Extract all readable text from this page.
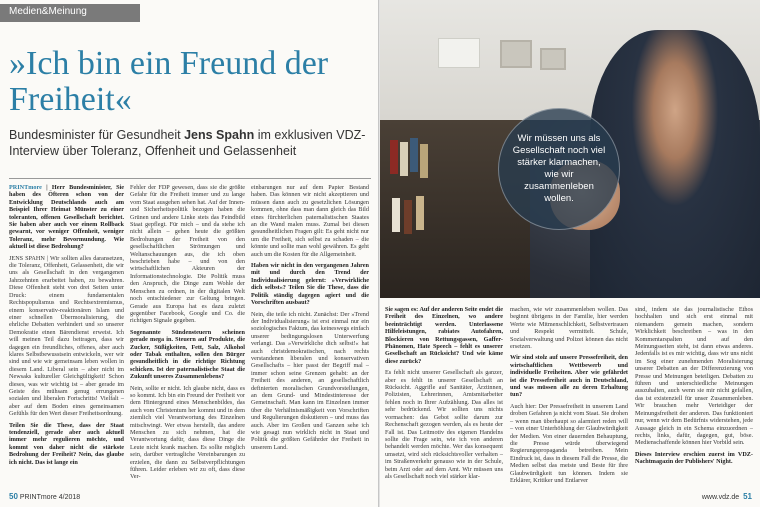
Medien&Meinung
»Ich bin ein Freund der Freiheit«

Bundesminister für Gesundheit Jens Spahn im exklusiven VDZ-Interview über Toleranz, Offenheit und Gelassenheit

PRINTmore | Herr Bundesminister, Sie haben des Öfteren schon von der Entwicklung Deutschlands auch am Beispiel Ihrer Heimat Münster zu einer toleranten, offenen Gesellschaft berichtet. Sie haben aber auch vor einem Rollback gewarnt, vor weniger Offenheit, weniger Toleranz, mehr Bevormundung. Wie aktuell ist diese Bedrohung?

JENS SPAHN | Wir sollten alles daransetzen, die Toleranz, Offenheit, Gelassenheit, die wir uns als Gesellschaft in den vergangenen Jahrzehnten erarbeitet haben, zu bewahren. Diese Offenheit steht von drei Seiten unter Druck: einem fundamentalen Rechtspopulismus und Rechtsextremismus, einem konservativ-reaktionären Islam und einer schnellen Übermoralisierung, die ehrliche Debatten verhindert und so unserer Demokratie einen Bärendienst erweist. Ich will meinen Teil dazu beitragen, dass wir dagegen ein freundliches, offenes, aber auch klares Selbstbewusstsein entwickeln, wer wir sind und wie wir gemeinsam leben wollen in diesem Land. Liberal sein – aber nicht im Newsaks kultureller Gleichgültigkeit! Schon dieses, was wir wichtig ist – aber gerade im Geiste des mühsam genug errungenen sozialen und liberalen Fortschritts! Vielfalt – aber auf dem Boden eines gemeinsamen Gefühls für den Wert dieser Freiheitsordnung.

Teilen Sie die These, dass der Staat tendenziell, gerade aber auch aktuell immer mehr regulieren möchte, und kommt von daher nicht die stärkste Bedrohung der Freiheit? Nein, das glaube ich nicht. Das ist lange ein

Fehler der FDP gewesen, dass sie die größte Gefahr für die Freiheit immer und zu lange vom Staat ausgehen sehen hat. Auf der Innen- und Sicherheitspolitik bezogen haben die Grünen und andere Linke stets das Feindbild Staat gepflegt. Für mich – und da stehe ich nicht allein – gehen heute die größten Bedrohungen der Freiheit von den gesellschaftlichen Strömungen und Weltanschauungen aus, die ich oben beschrieben habe – und von den wirtschaftlichen Akteuren der Informationstechnologie. Die Politik muss den Anspruch, die Dinge zum Wohle der Menschen zu ordnen, in der digitalen Welt noch entschiedener zur Geltung bringen. Gerade aus Europa hat es dazu zuletzt gegenüber Facebook, Google und Co. die richtigen Signale gegeben.

Sogenannte Sündensteuern scheinen gerade mega in. Steuern auf Produkte, die Zucker, Süßigkeiten, Fett, Salz, Alkohol oder Tabak enthalten, sollen den Bürger gesundheitlich in die richtige Richtung schicken. Ist der paternalistische Staat die Zukunft unseres Zusammenlebens?

Nein, sollte er nicht. Ich glaube nicht, dass es so kommt. Ich bin ein Freund der Freiheit vor dem Hintergrund eines Menschenbildes, das auch vom Christentum her kommt und in dem ziemlich viel Verantwortung des Einzelnen mitschwingt. Wer etwas herstellt, das andere Menschen zu sich nehmen, hat die Verantwortung dafür, dass diese Dinge die Leute nicht krank machen. Es sollte möglich sein, darüber vertragliche Vereinbarungen zu erzielen, die dann zu Selbstverpflichtungen führen. Leider erleben wir zu oft, dass diese Ver-

einbarungen nur auf dem Papier Bestand haben. Das können wir nicht akzeptieren und müssen dann auch zu gesetzlichen Lösungen kommen, ohne dass man dann gleich das Bild eines fürchterlichen paternalistischen Staates an die Wand malen muss. Zumal bei diesen gesundheitlichen Fragen gilt: Es geht nicht nur um die Freiheit, sich selbst zu schaden – die könnte und sollte man wohl gewähren. Es geht auch um die Kosten für die Allgemeinheit.

Haben wir nicht in den vergangenen Jahren mit und durch den Trend der Individualisierung gelernt: »Verwirkliche dich selbst«? Teilen Sie die These, dass die Politik ständig dagegen agiert und die Vorschriften ausbaut?

Nein, die teile ich nicht. Zunächst: Der »Trend der Individualisierung« ist erst einmal nur ein soziologisches Faktum, das keineswegs einfach unserer bedingungslosen Unterwerfung verlangt. Das »Verwirkliche dich selbst!« hat auch christdemokratischen, nach rechts verstandenen liberalen und konservativen Gesellschafts – hier passt der Begriff mal – immer schon seine Grenzen gehabt: an der Freiheit des anderen, an gesellschaftlich definierten moralischen Grundvorstellungen, an dem Grund- und Mindestinteresse der Gemeinschaft. Man kann im Einzelnen immer über die Verhältnismäßigkeit von Vorschriften und Regulierungen diskutieren – und muss das auch. Aber im Großen und Ganzen sehe ich wie gesagt nun wirklich nicht in Staat und Politik die größten Gefährder der Freiheit in unserem Land.

50 PRINTmore 4/2018
Wir müssen uns als Gesellschaft noch viel stärker klarmachen, wie wir zusammenleben wollen.

Sie sagen es: Auf der anderen Seite endet die Freiheit des Einzelnen, wo andere beeinträchtigt werden. Unterlassene Hilfeleistungen, rabiates Autofahren, Blockieren von Rettungsgassen, Gaffer-Phänomen, Hate Speech – fehlt es unserer Gesellschaft an Rücksicht? Und wie käme diese zurück?

Es fehlt nicht unserer Gesellschaft als ganzer, aber es fehlt in unserer Gesellschaft an Rücksicht. Aggrifle auf Sanitäter, Ärztinnen, Polizisten, Lehrerinnen, Amtsmitarbeiter fehlen noch in Ihrer Aufzählung. Das alles ist sehr bedrückend. Wir sollten uns nichts vormachen: das Gebot sollte darum zur Rechenschaft gezogen werden, als es heute der Fall ist. Das Leitmotiv des eigenen Handelns sollte die Frage sein, wie ich von anderen behandelt werden möchte. Wer das konsequent umsetzt, wird sich rücksichtsvoller verhalten – im Straßenverkehr genauso wie in der Schule, beim Arzt oder auf dem Amt. Wir müssen uns als Gesellschaft noch viel stärker klar-

machen, wie wir zusammenleben wollen. Das beginnt übrigens in der Familie, hier werden Werte wie Mitmenschlichkeit, Selbstvertrauen und Respekt vermittelt. Schule, Sozialverwaltung und Polizei können das nicht ersetzen.

Wir sind stolz auf unsere Pressefreiheit, den wirtschaftlichen Wettbewerb und individuelle Freiheiten. Aber wie gefährdet ist die Pressefreiheit auch in Deutschland, und was müssen alle zu deren Erhaltung tun?

Auch hier: Der Pressefreiheit in unserem Land droben Gefahren ja nicht vom Staat. Sie drohen – wenn man überhaupt so alarmiert reden will – von einer Unterhöhlung der Glaubwürdigkeit der Medien. Von einer dauernden Behauptung, die Presse würde überwiegend Regierungspropaganda betreiben. Mein Eindruck ist, dass in diesem Fall die Presse, die Medien selbst das meiste und Beste für ihre Glaubwürdigkeit tun können. Indem sie Erklärer, Kritiker und Entlarver

sind, indem sie das journalistische Ethos hochhalten und sich erst einmal mit niemandem gemein machen, sondern Wirklichkeit beschreiben – was in den Kommentarspalten und auf den Meinungsseiten steht, ist dann etwas anderes. Jedenfalls ist es mir wichtig, dass wir uns nicht im Sog einer zunehmenden Moralisierung unserer Debatten an der Differenzierung von Presse und Meinungen beteiligen. Debatten zu führen und unterschiedliche Meinungen auszuhalten, auch wenn sie mir nicht gefallen, das ist existenziell für unser Zusammenleben. Wir brauchen mehr Verteidiger der Meinungsfreiheit der anderen. Das funktioniert nur, wenn wir dem Bedürfnis widerstehen, jede Aussage gleich in ein Schema einzuordnen – rechts, links, dafür, dagegen, gut, böse. Medienschaffende können hier Vorbild sein.

Dieses Interview erschien zuerst im VDZ-Nachtmagazin der Publishers' Night.

www.vdz.de 51
